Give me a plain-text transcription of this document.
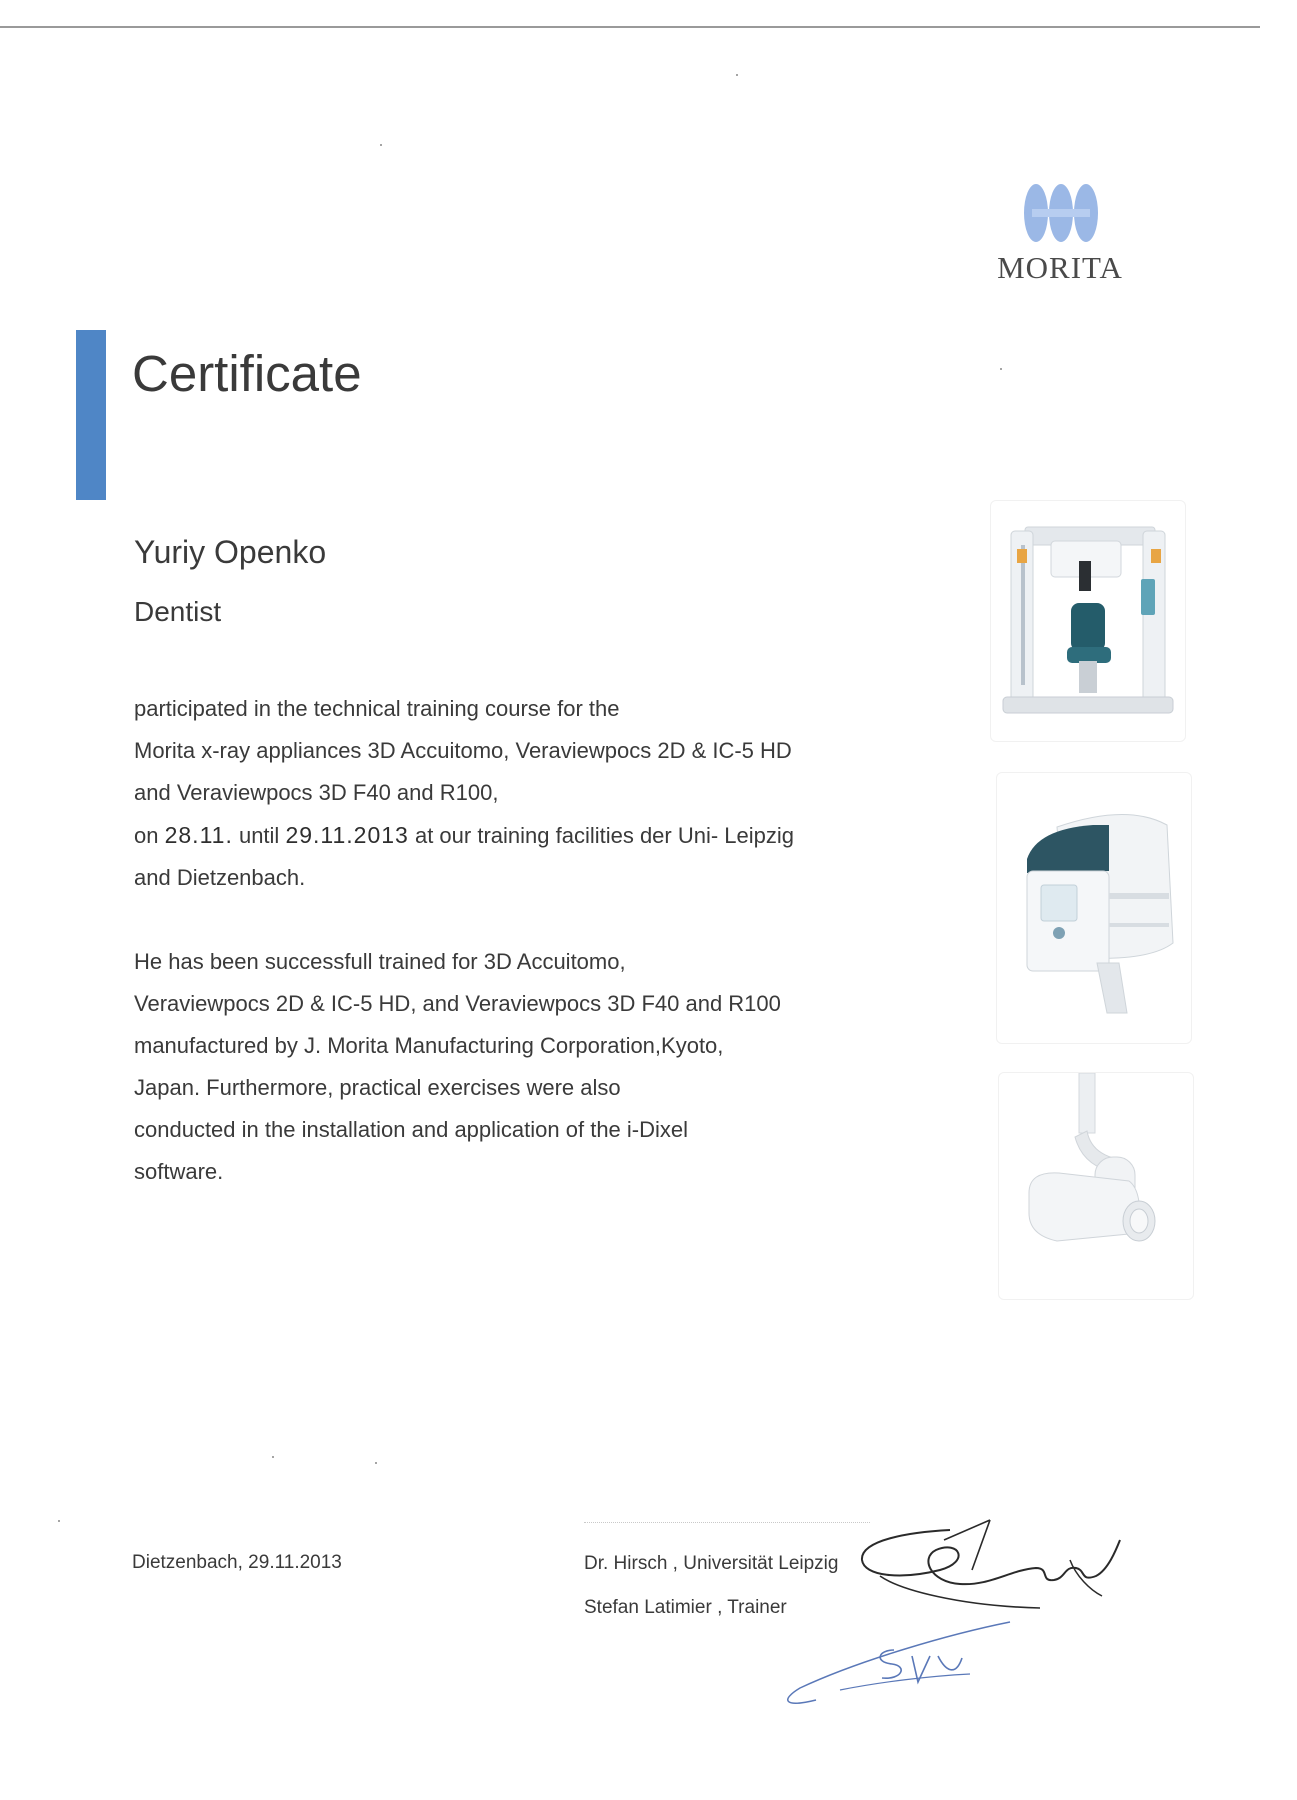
MORITA
Certificate
Yuriy Openko
Dentist
participated in the technical training course for the
Morita x-ray appliances 3D Accuitomo, Veraviewpocs 2D & IC-5 HD
and Veraviewpocs 3D F40 and R100,
on 28.11. until 29.11.2013 at our training facilities der Uni- Leipzig
and Dietzenbach.
He has been successfull trained for 3D Accuitomo,
Veraviewpocs 2D & IC-5 HD, and Veraviewpocs 3D F40 and R100
manufactured by J. Morita Manufacturing Corporation,Kyoto,
Japan. Furthermore, practical exercises were also
conducted in the installation and application of the i-Dixel
software.
Dietzenbach, 29.11.2013	Dr. Hirsch , Universität Leipzig
Stefan Latimier , Trainer
